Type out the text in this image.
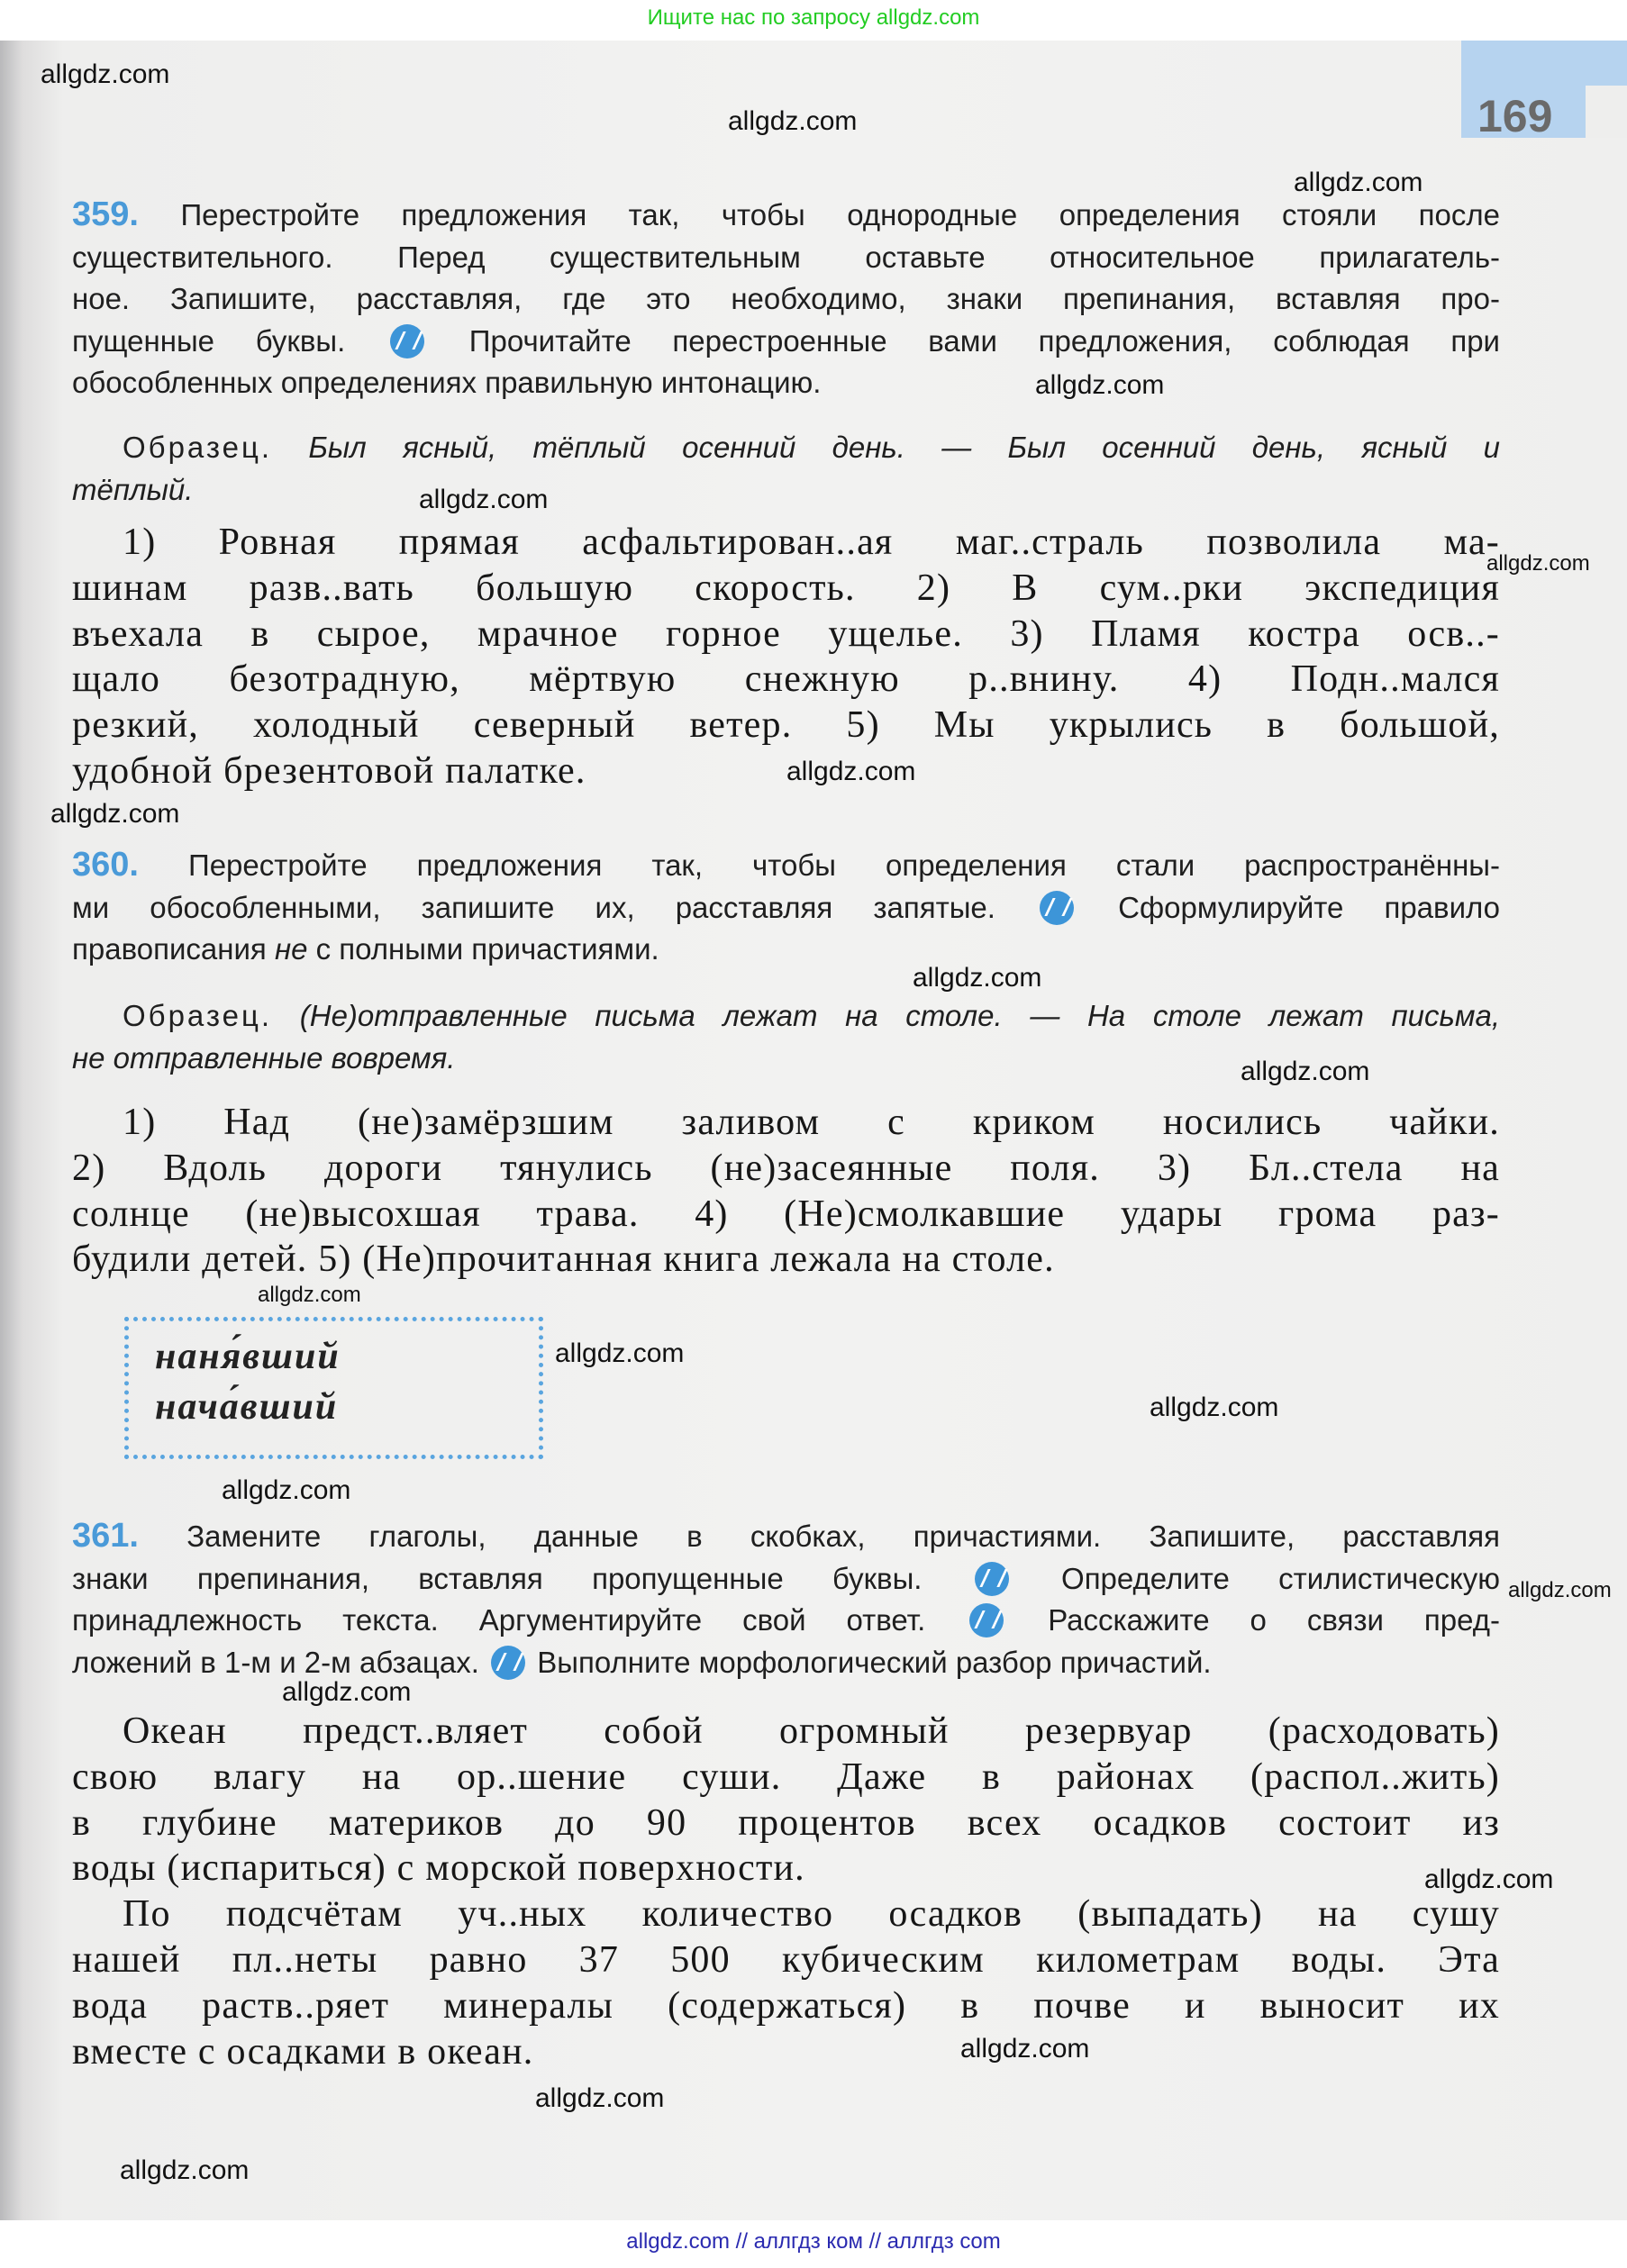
Ищите нас по запросу allgdz.com
169
359. Перестройте предложения так, чтобы однородные определения стояли после
существительного. Перед существительным оставьте относительное прилагатель-
ное. Запишите, расставляя, где это необходимо, знаки препинания, вставляя про-
пущенные буквы.  Прочитайте перестроенные вами предложения, соблюдая при
обособленных определениях правильную интонацию.
Образец. Был ясный, тёплый осенний день. — Был осенний день, ясный и
тёплый.
1) Ровная прямая асфальтирован..ая маг..страль позволила ма-
шинам разв..вать большую скорость. 2) В сум..рки экспедиция
въехала в сырое, мрачное горное ущелье. 3) Пламя костра осв..-
щало безотрадную, мёртвую снежную р..внину. 4) Подн..мался
резкий, холодный северный ветер. 5) Мы укрылись в большой,
удобной брезентовой палатке.
360. Перестройте предложения так, чтобы определения стали распространённы-
ми обособленными, запишите их, расставляя запятые.  Сформулируйте правило
правописания не с полными причастиями.
Образец. (Не)отправленные письма лежат на столе. — На столе лежат письма,
не отправленные вовремя.
1) Над (не)замёрзшим заливом с криком носились чайки.
2) Вдоль дороги тянулись (не)засеянные поля. 3) Бл..стела на
солнце (не)высохшая трава. 4) (Не)смолкавшие удары грома раз-
будили детей. 5) (Не)прочитанная книга лежала на столе.
наня́вший
нача́вший
361. Замените глаголы, данные в скобках, причастиями. Запишите, расставляя
знаки препинания, вставляя пропущенные буквы.  Определите стилистическую
принадлежность текста. Аргументируйте свой ответ.  Расскажите о связи пред-
ложений в 1-м и 2-м абзацах.  Выполните морфологический разбор причастий.
Океан предст..вляет собой огромный резервуар (расходовать)
свою влагу на ор..шение суши. Даже в районах (распол..жить)
в глубине материков до 90 процентов всех осадков состоит из
воды (испариться) с морской поверхности.
По подсчётам уч..ных количество осадков (выпадать) на сушу
нашей пл..неты равно 37 500 кубическим километрам воды. Эта
вода раств..ряет минералы (содержаться) в почве и выносит их
вместе с осадками в океан.
allgdz.com
allgdz.com
allgdz.com
allgdz.com
allgdz.com
allgdz.com
allgdz.com
allgdz.com
allgdz.com
allgdz.com
allgdz.com
allgdz.com
allgdz.com
allgdz.com
allgdz.com
allgdz.com
allgdz.com
allgdz.com
allgdz.com
allgdz.com
allgdz.com // аллгдз ком // аллгдз com
